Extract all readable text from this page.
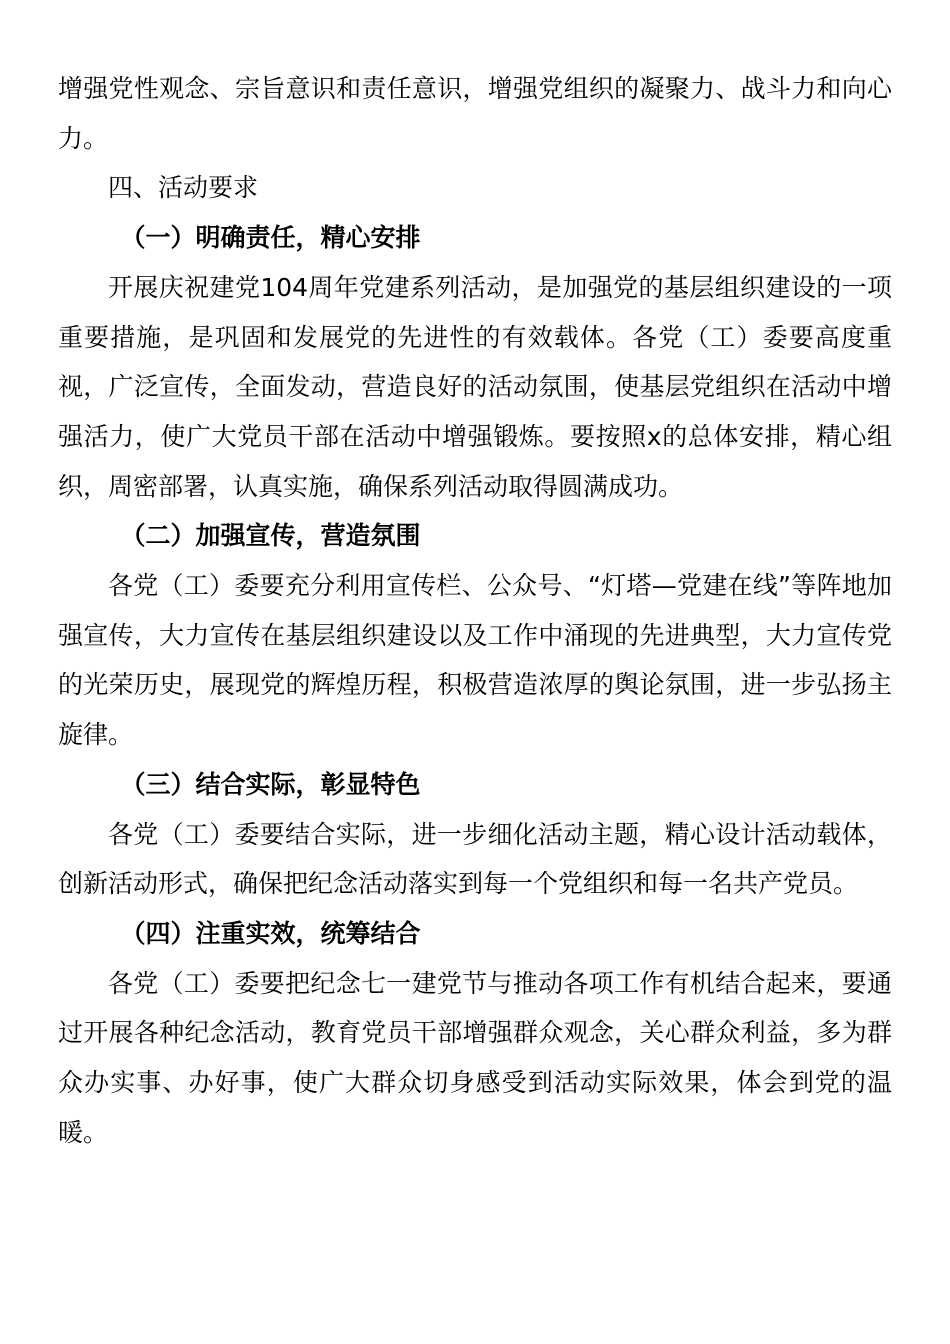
增强党性观念、宗旨意识和责任意识，增强党组织的凝聚力、战斗力和向心力。

四、活动要求

（一）明确责任，精心安排

开展庆祝建党104周年党建系列活动，是加强党的基层组织建设的一项重要措施，是巩固和发展党的先进性的有效载体。各党（工）委要高度重视，广泛宣传，全面发动，营造良好的活动氛围，使基层党组织在活动中增强活力，使广大党员干部在活动中增强锻炼。要按照x的总体安排，精心组织，周密部署，认真实施，确保系列活动取得圆满成功。

（二）加强宣传，营造氛围

各党（工）委要充分利用宣传栏、公众号、“灯塔—党建在线”等阵地加强宣传，大力宣传在基层组织建设以及工作中涌现的先进典型，大力宣传党的光荣历史，展现党的辉煌历程，积极营造浓厚的舆论氛围，进一步弘扬主旋律。

（三）结合实际，彰显特色

各党（工）委要结合实际，进一步细化活动主题，精心设计活动载体，创新活动形式，确保把纪念活动落实到每一个党组织和每一名共产党员。

（四）注重实效，统筹结合

各党（工）委要把纪念七一建党节与推动各项工作有机结合起来，要通过开展各种纪念活动，教育党员干部增强群众观念，关心群众利益，多为群众办实事、办好事，使广大群众切身感受到活动实际效果，体会到党的温暖。
